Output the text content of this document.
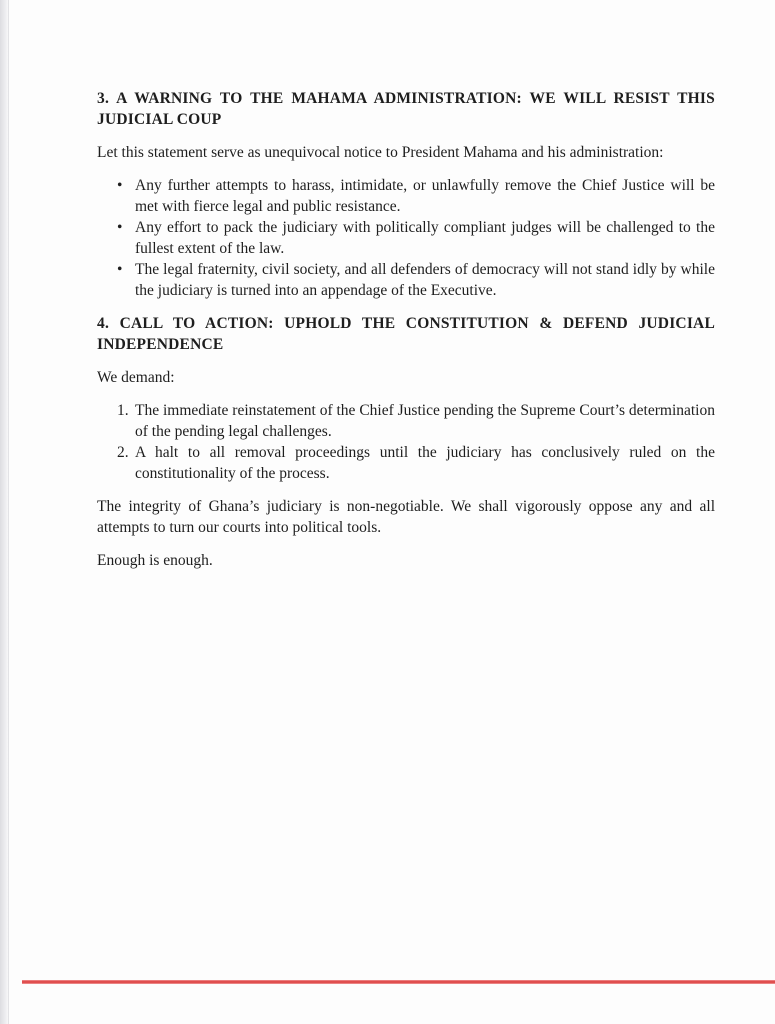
3. A WARNING TO THE MAHAMA ADMINISTRATION: WE WILL RESIST THIS JUDICIAL COUP
Let this statement serve as unequivocal notice to President Mahama and his administration:
• Any further attempts to harass, intimidate, or unlawfully remove the Chief Justice will be met with fierce legal and public resistance.
• Any effort to pack the judiciary with politically compliant judges will be challenged to the fullest extent of the law.
• The legal fraternity, civil society, and all defenders of democracy will not stand idly by while the judiciary is turned into an appendage of the Executive.
4. CALL TO ACTION: UPHOLD THE CONSTITUTION & DEFEND JUDICIAL INDEPENDENCE
We demand:
1. The immediate reinstatement of the Chief Justice pending the Supreme Court’s determination of the pending legal challenges.
2. A halt to all removal proceedings until the judiciary has conclusively ruled on the constitutionality of the process.
The integrity of Ghana’s judiciary is non-negotiable. We shall vigorously oppose any and all attempts to turn our courts into political tools.
Enough is enough.
